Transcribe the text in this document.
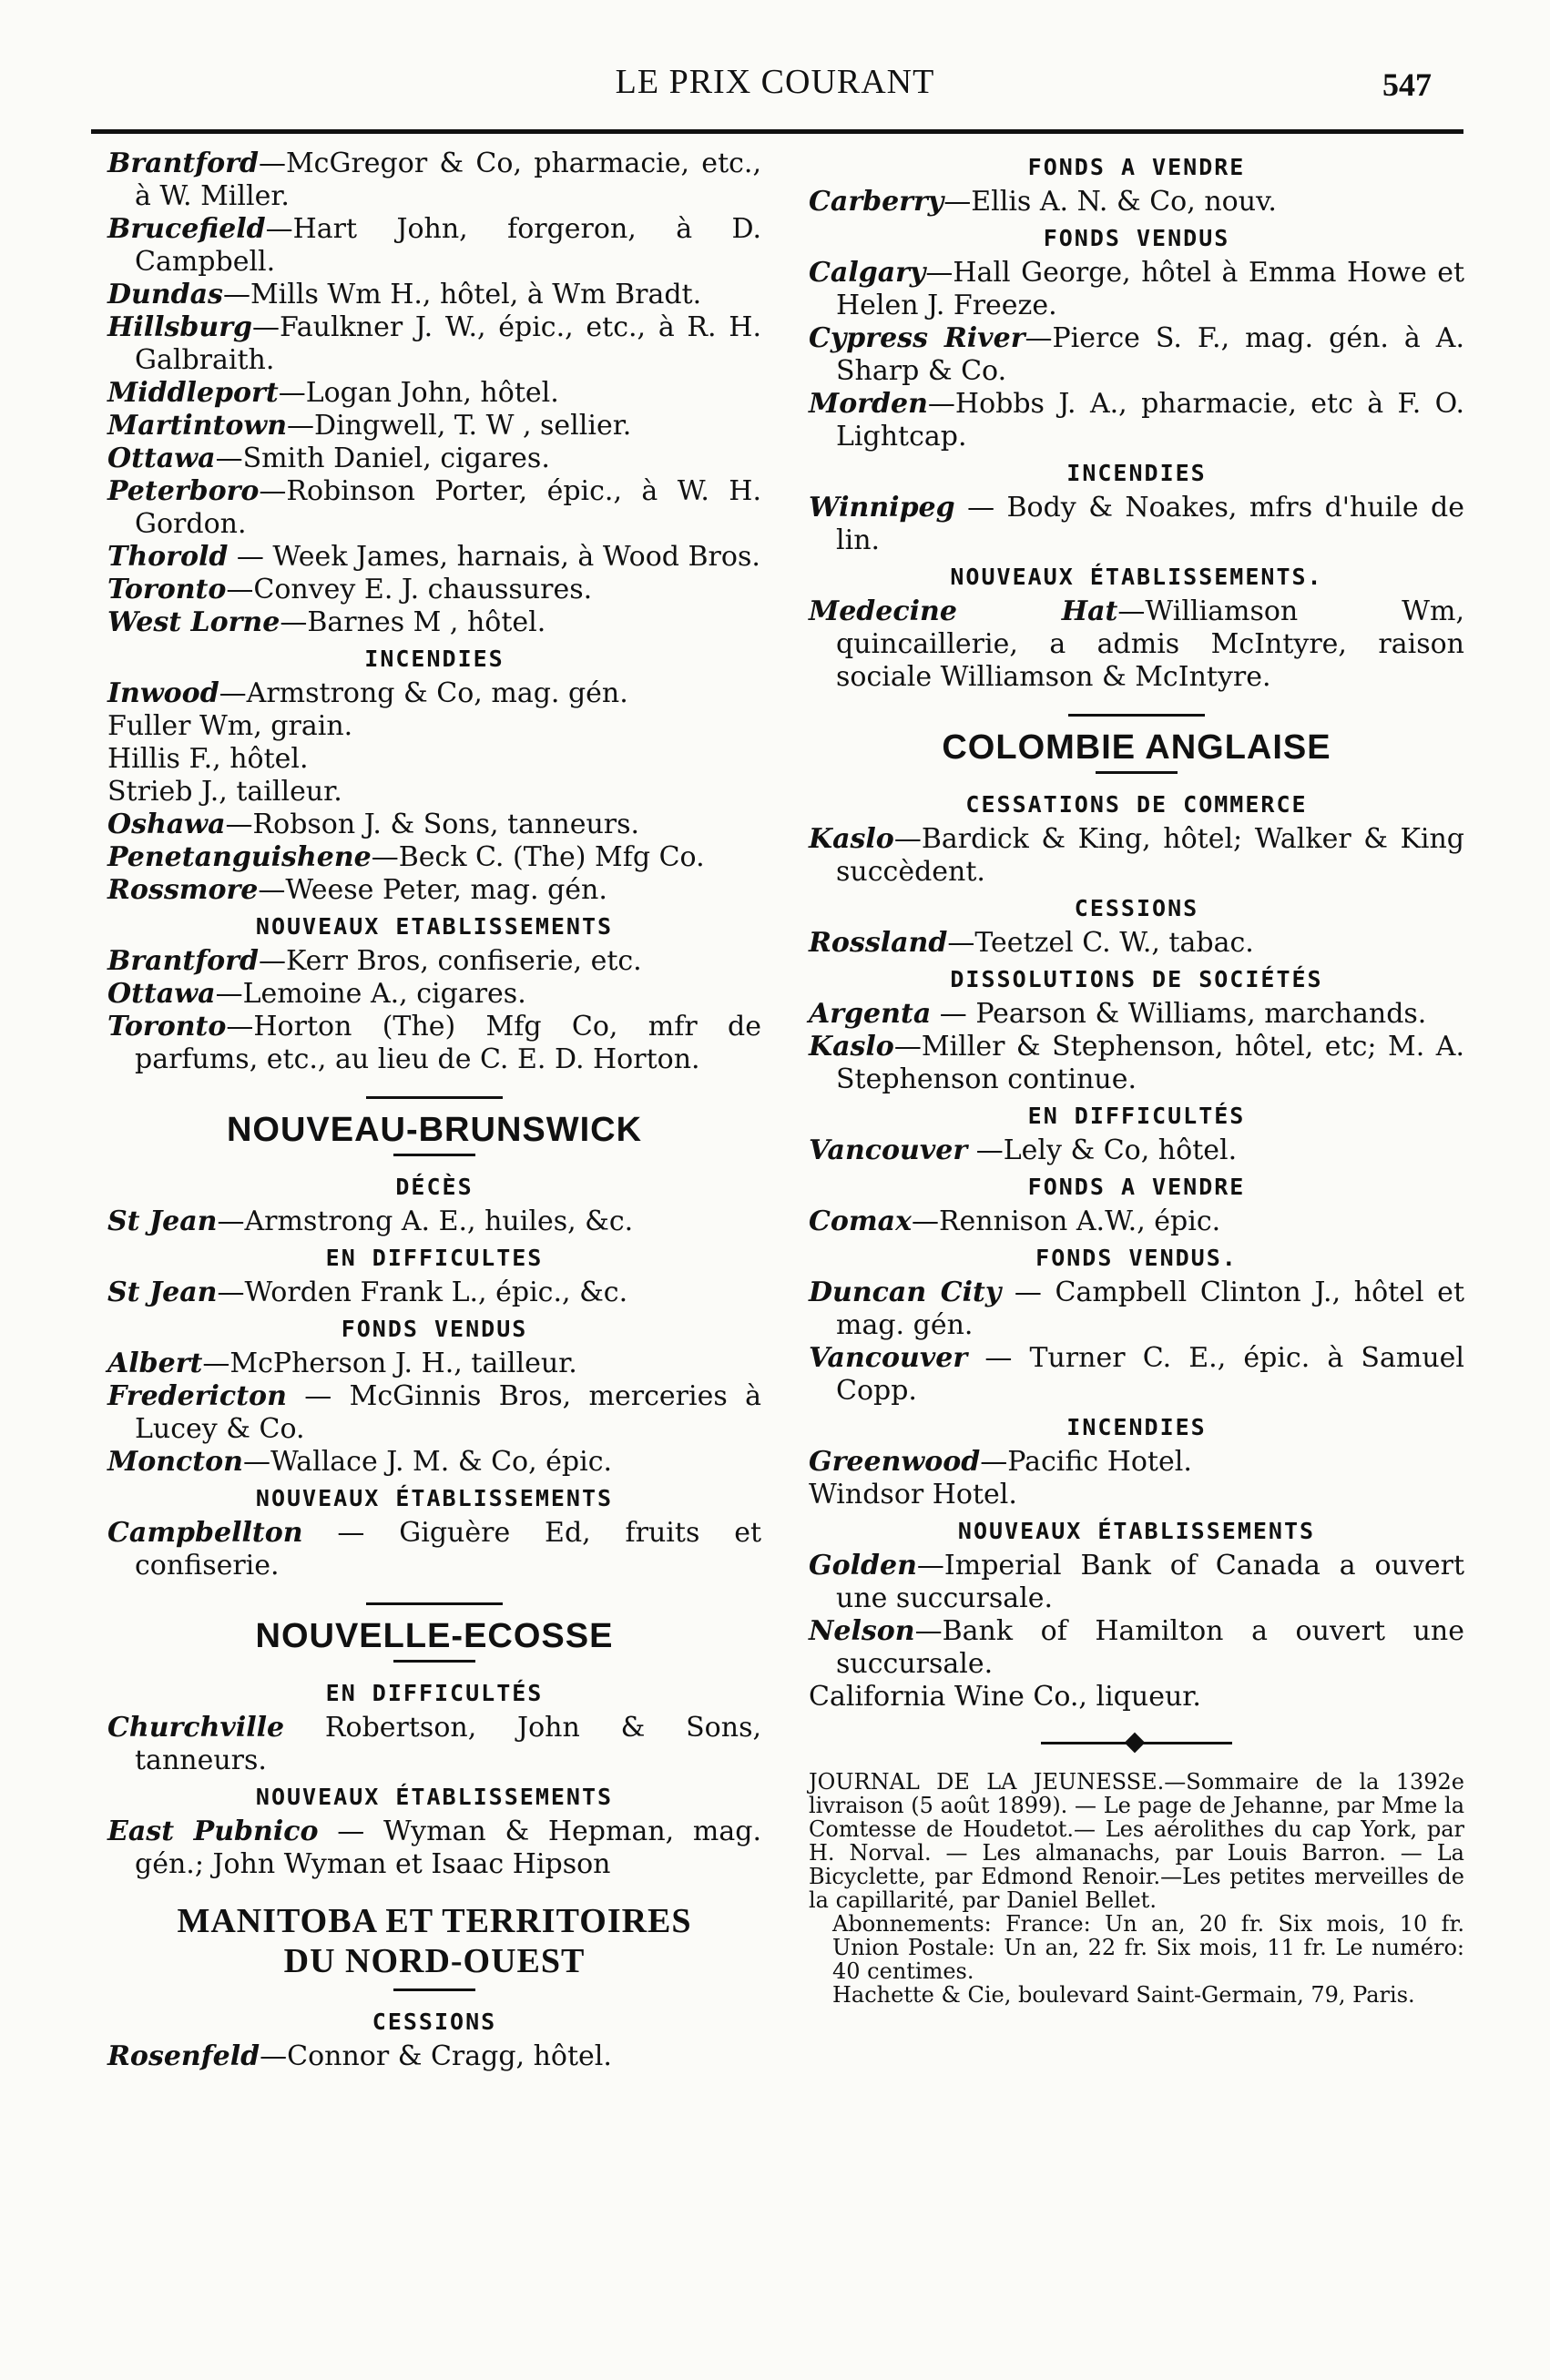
LE PRIX COURANT	547

Brantford—McGregor & Co, pharmacie, etc., à W. Miller.

Brucefield—Hart John, forgeron, à D. Campbell.

Dundas—Mills Wm H., hôtel, à Wm Bradt.

Hillsburg—Faulkner J. W., épic., etc., à R. H. Galbraith.

Middleport—Logan John, hôtel.

Martintown—Dingwell, T. W , sellier.

Ottawa—Smith Daniel, cigares.

Peterboro—Robinson Porter, épic., à W. H. Gordon.

Thorold — Week James, harnais, à Wood Bros.

Toronto—Convey E. J. chaussures.

West Lorne—Barnes M , hôtel.

INCENDIES

Inwood—Armstrong & Co, mag. gén.

Fuller Wm, grain.

Hillis F., hôtel.

Strieb J., tailleur.

Oshawa—Robson J. & Sons, tanneurs.

Penetanguishene—Beck C. (The) Mfg Co.

Rossmore—Weese Peter, mag. gén.

NOUVEAUX ETABLISSEMENTS

Brantford—Kerr Bros, confiserie, etc.

Ottawa—Lemoine A., cigares.

Toronto—Horton (The) Mfg Co, mfr de parfums, etc., au lieu de C. E. D. Horton.

NOUVEAU-BRUNSWICK
DÉCÈS

St Jean—Armstrong A. E., huiles, &c.

EN DIFFICULTES

St Jean—Worden Frank L., épic., &c.

FONDS VENDUS

Albert—McPherson J. H., tailleur.

Fredericton — McGinnis Bros, merceries à Lucey & Co.

Moncton—Wallace J. M. & Co, épic.

NOUVEAUX ÉTABLISSEMENTS

Campbellton — Giguère Ed, fruits et confiserie.

NOUVELLE-ECOSSE
EN DIFFICULTÉS

Churchville Robertson, John & Sons, tanneurs.

NOUVEAUX ÉTABLISSEMENTS

East Pubnico — Wyman & Hepman, mag. gén.; John Wyman et Isaac Hipson

MANITOBA ET TERRITOIRES
DU NORD-OUEST
CESSIONS

Rosenfeld—Connor & Cragg, hôtel.

FONDS A VENDRE

Carberry—Ellis A. N. & Co, nouv.

FONDS VENDUS

Calgary—Hall George, hôtel à Emma Howe et Helen J. Freeze.

Cypress River—Pierce S. F., mag. gén. à A. Sharp & Co.

Morden—Hobbs J. A., pharmacie, etc à F. O. Lightcap.

INCENDIES

Winnipeg — Body & Noakes, mfrs d'huile de lin.

NOUVEAUX ÉTABLISSEMENTS.

Medecine Hat—Williamson Wm, quincaillerie, a admis McIntyre, raison sociale Williamson & McIntyre.

COLOMBIE ANGLAISE
CESSATIONS DE COMMERCE

Kaslo—Bardick & King, hôtel; Walker & King succèdent.

CESSIONS

Rossland—Teetzel C. W., tabac.

DISSOLUTIONS DE SOCIÉTÉS

Argenta — Pearson & Williams, marchands.

Kaslo—Miller & Stephenson, hôtel, etc; M. A. Stephenson continue.

EN DIFFICULTÉS

Vancouver —Lely & Co, hôtel.

FONDS A VENDRE

Comax—Rennison A.W., épic.

FONDS VENDUS.

Duncan City — Campbell Clinton J., hôtel et mag. gén.

Vancouver — Turner C. E., épic. à Samuel Copp.

INCENDIES

Greenwood—Pacific Hotel.

Windsor Hotel.

NOUVEAUX ÉTABLISSEMENTS

Golden—Imperial Bank of Canada a ouvert une succursale.

Nelson—Bank of Hamilton a ouvert une succursale.

California Wine Co., liqueur.

JOURNAL DE LA JEUNESSE.—Sommaire de la 1392e livraison (5 août 1899). — Le page de Jehanne, par Mme la Comtesse de Houdetot.— Les aérolithes du cap York, par H. Norval. — Les almanachs, par Louis Barron. — La Bicyclette, par Edmond Renoir.—Les petites merveilles de la capillarité, par Daniel Bellet.

Abonnements: France: Un an, 20 fr. Six mois, 10 fr. Union Postale: Un an, 22 fr. Six mois, 11 fr. Le numéro: 40 centimes.

Hachette & Cie, boulevard Saint-Germain, 79, Paris.
